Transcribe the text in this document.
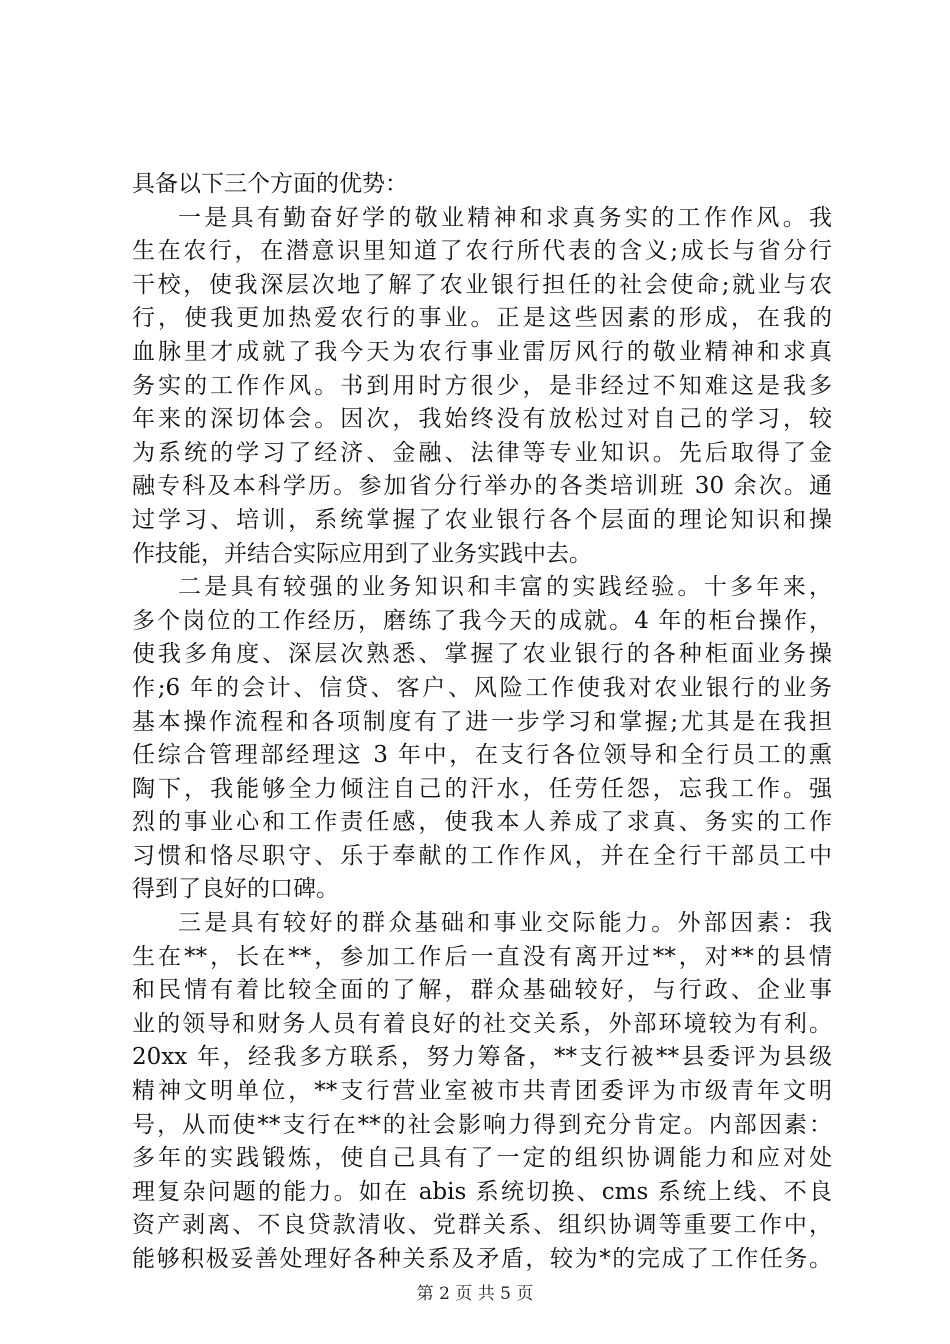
具备以下三个方面的优势：
一是具有勤奋好学的敬业精神和求真务实的工作作风。我
生在农行，在潜意识里知道了农行所代表的含义;成长与省分行
干校，使我深层次地了解了农业银行担任的社会使命;就业与农
行，使我更加热爱农行的事业。正是这些因素的形成，在我的
血脉里才成就了我今天为农行事业雷厉风行的敬业精神和求真
务实的工作作风。书到用时方很少，是非经过不知难这是我多
年来的深切体会。因次，我始终没有放松过对自己的学习，较
为系统的学习了经济、金融、法律等专业知识。先后取得了金
融专科及本科学历。参加省分行举办的各类培训班 30 余次。通
过学习、培训，系统掌握了农业银行各个层面的理论知识和操
作技能，并结合实际应用到了业务实践中去。
二是具有较强的业务知识和丰富的实践经验。十多年来，
多个岗位的工作经历，磨练了我今天的成就。4 年的柜台操作，
使我多角度、深层次熟悉、掌握了农业银行的各种柜面业务操
作;6 年的会计、信贷、客户、风险工作使我对农业银行的业务
基本操作流程和各项制度有了进一步学习和掌握;尤其是在我担
任综合管理部经理这 3 年中，在支行各位领导和全行员工的熏
陶下，我能够全力倾注自己的汗水，任劳任怨，忘我工作。强
烈的事业心和工作责任感，使我本人养成了求真、务实的工作
习惯和恪尽职守、乐于奉献的工作作风，并在全行干部员工中
得到了良好的口碑。
三是具有较好的群众基础和事业交际能力。外部因素：我
生在**，长在**，参加工作后一直没有离开过**，对**的县情
和民情有着比较全面的了解，群众基础较好，与行政、企业事
业的领导和财务人员有着良好的社交关系，外部环境较为有利。
20xx 年，经我多方联系，努力筹备，**支行被**县委评为县级
精神文明单位，**支行营业室被市共青团委评为市级青年文明
号，从而使**支行在**的社会影响力得到充分肯定。内部因素：
多年的实践锻炼，使自己具有了一定的组织协调能力和应对处
理复杂问题的能力。如在 abis 系统切换、cms 系统上线、不良
资产剥离、不良贷款清收、党群关系、组织协调等重要工作中，
能够积极妥善处理好各种关系及矛盾，较为*的完成了工作任务。
第 2 页 共 5 页
